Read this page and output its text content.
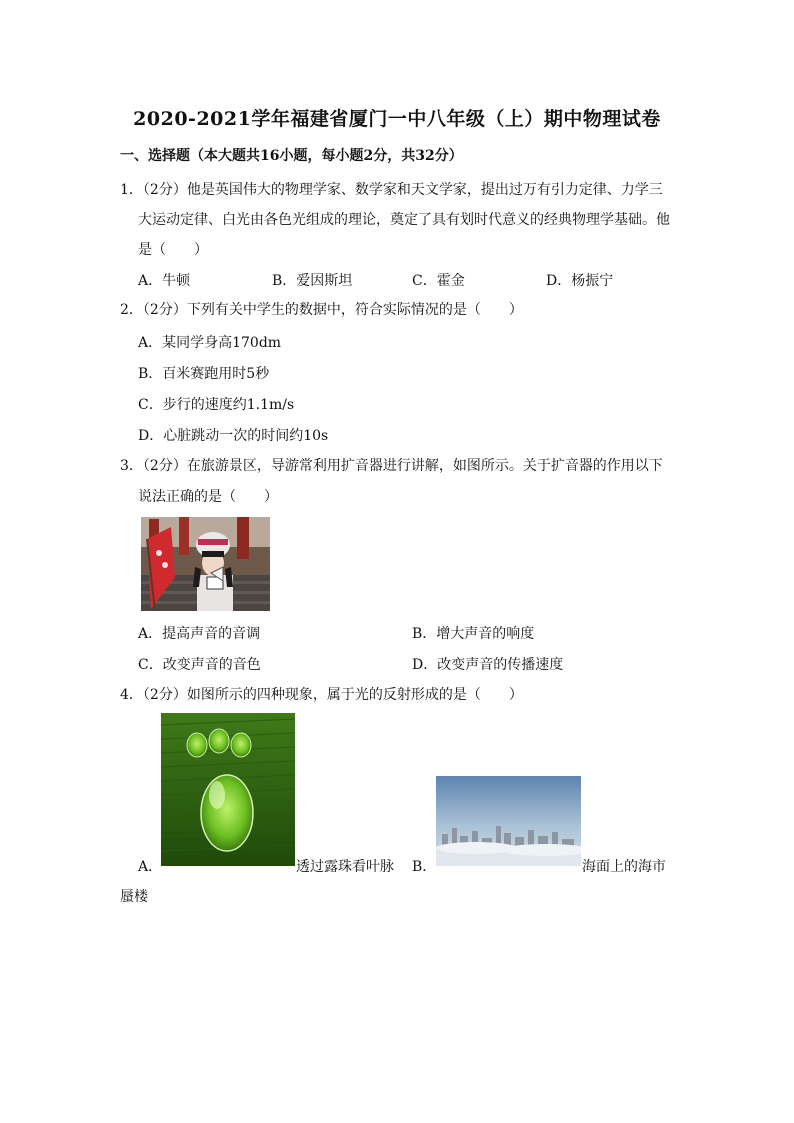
2020-2021学年福建省厦门一中八年级（上）期中物理试卷
一、选择题（本大题共16小题，每小题2分，共32分）
1．（2分）他是英国伟大的物理学家、数学家和天文学家，提出过万有引力定律、力学三
大运动定律、白光由各色光组成的理论，奠定了具有划时代意义的经典物理学基础。他
是（　　）
A．牛顿	B．爱因斯坦	C．霍金	D．杨振宁
2．（2分）下列有关中学生的数据中，符合实际情况的是（　　）
A．某同学身高170dm
B．百米赛跑用时5秒
C．步行的速度约1.1m/s
D．心脏跳动一次的时间约10s
3．（2分）在旅游景区，导游常利用扩音器进行讲解，如图所示。关于扩音器的作用以下
说法正确的是（　　）
A．提高声音的音调	B．增大声音的响度
C．改变声音的音色	D．改变声音的传播速度
4．（2分）如图所示的四种现象，属于光的反射形成的是（　　）
A．	透过露珠看叶脉 B．	海面上的海市
蜃楼
